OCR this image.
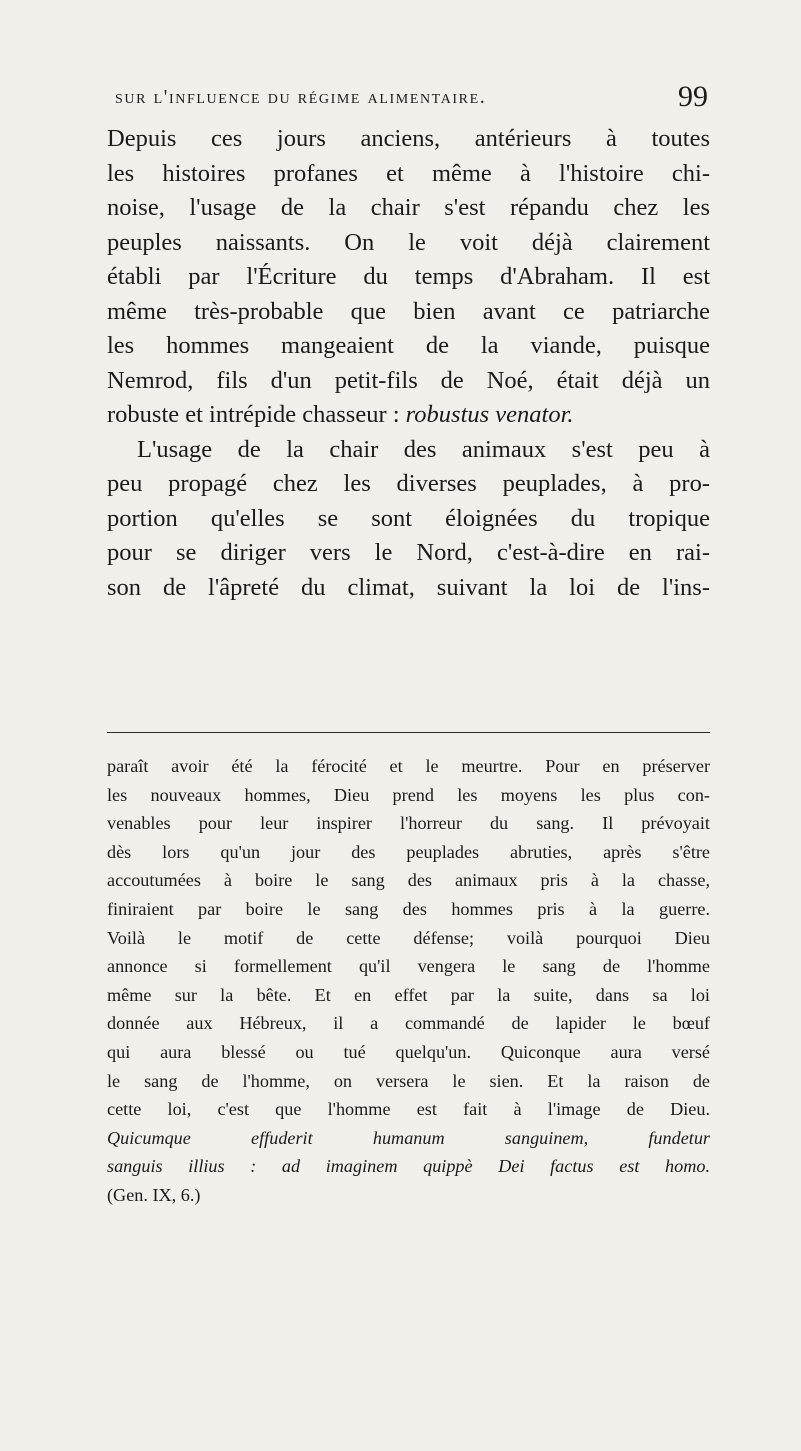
sur l'influence du régime alimentaire.	99
Depuis ces jours anciens, antérieurs à toutes
les histoires profanes et même à l'histoire chi-
noise, l'usage de la chair s'est répandu chez les
peuples naissants. On le voit déjà clairement
établi par l'Écriture du temps d'Abraham. Il est
même très-probable que bien avant ce patriarche
les hommes mangeaient de la viande, puisque
Nemrod, fils d'un petit-fils de Noé, était déjà un
robuste et intrépide chasseur : robustus venator.
L'usage de la chair des animaux s'est peu à
peu propagé chez les diverses peuplades, à pro-
portion qu'elles se sont éloignées du tropique
pour se diriger vers le Nord, c'est-à-dire en rai-
son de l'âpreté du climat, suivant la loi de l'ins-
paraît avoir été la férocité et le meurtre. Pour en préserver
les nouveaux hommes, Dieu prend les moyens les plus con-
venables pour leur inspirer l'horreur du sang. Il prévoyait
dès lors qu'un jour des peuplades abruties, après s'être
accoutumées à boire le sang des animaux pris à la chasse,
finiraient par boire le sang des hommes pris à la guerre.
Voilà le motif de cette défense; voilà pourquoi Dieu
annonce si formellement qu'il vengera le sang de l'homme
même sur la bête. Et en effet par la suite, dans sa loi
donnée aux Hébreux, il a commandé de lapider le bœuf
qui aura blessé ou tué quelqu'un. Quiconque aura versé
le sang de l'homme, on versera le sien. Et la raison de
cette loi, c'est que l'homme est fait à l'image de Dieu.
Quicumque effuderit humanum sanguinem, fundetur
sanguis illius : ad imaginem quippè Dei factus est homo.
(Gen. IX, 6.)
